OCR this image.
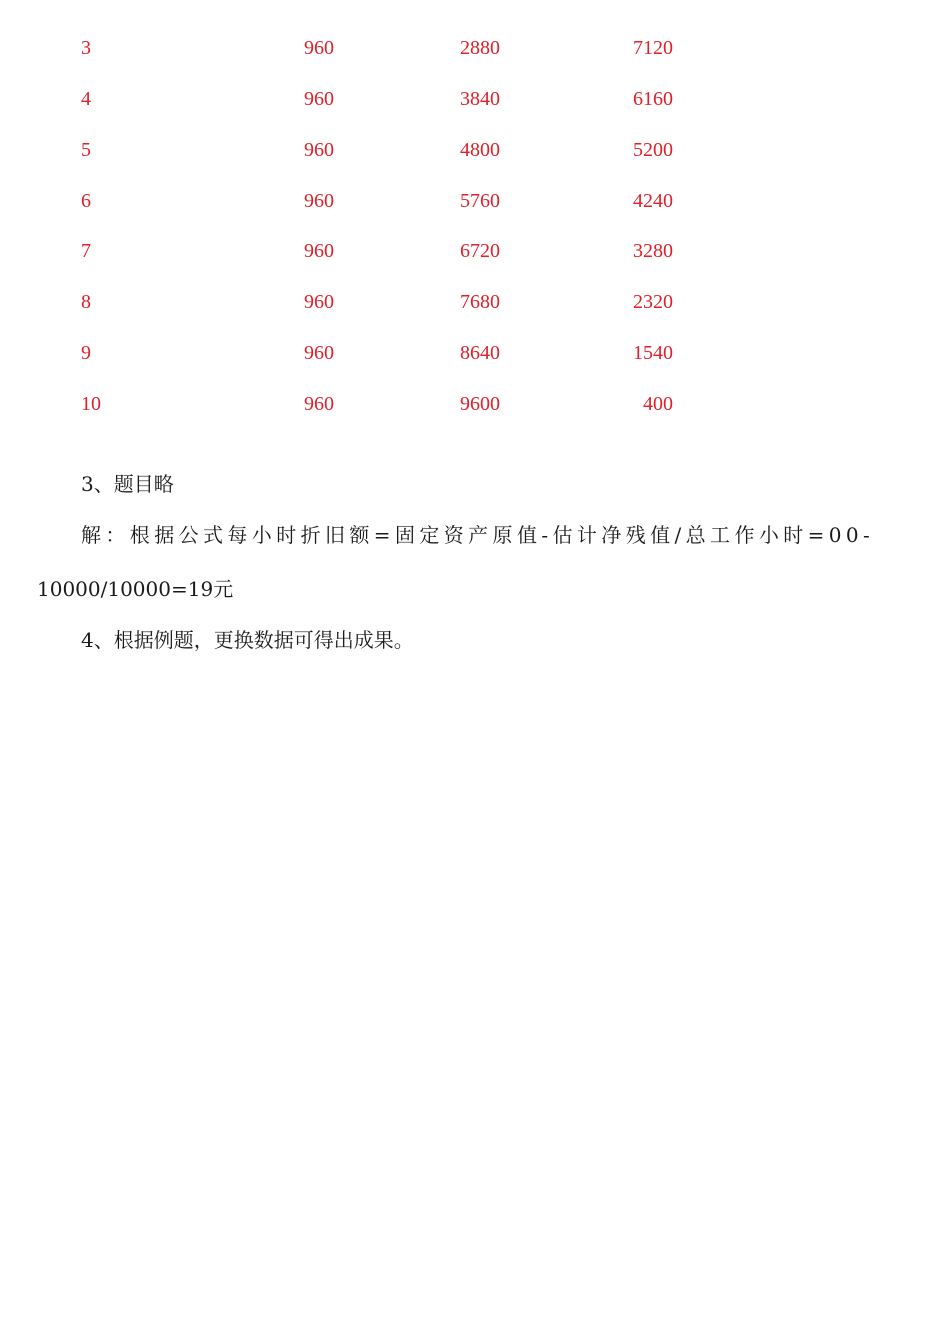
3	960	2880	7120
4	960	3840	6160
5	960	4800	5200
6	960	5760	4240
7	960	6720	3280
8	960	7680	2320
9	960	8640	1540
10	960	9600	400
3、题目略
解：根据公式每小时折旧额=固定资产原值-估计净残值/总工作小时=00-
10000/10000=19元
4、根据例题，更换数据可得出成果。
